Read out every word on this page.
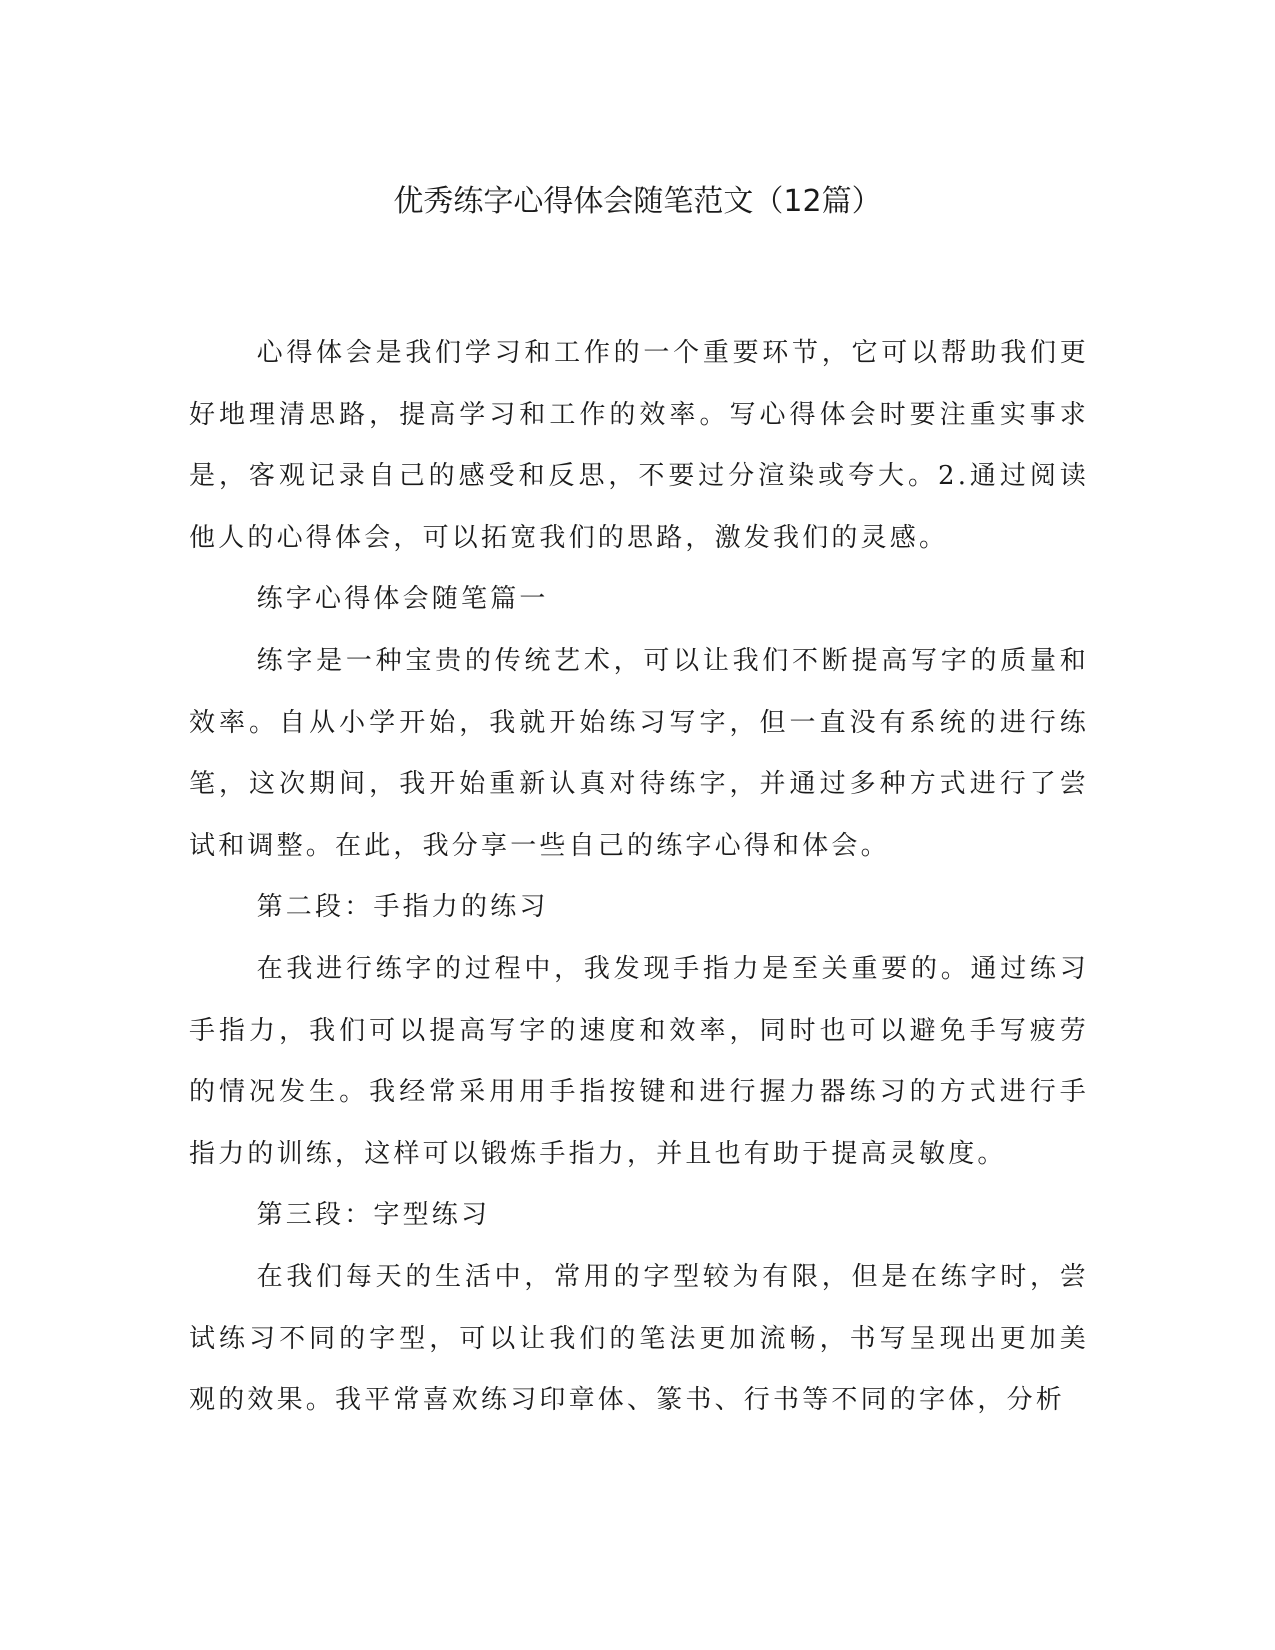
优秀练字心得体会随笔范文（12篇）

心得体会是我们学习和工作的一个重要环节，它可以帮助我们更好地理清思路，提高学习和工作的效率。写心得体会时要注重实事求是，客观记录自己的感受和反思，不要过分渲染或夸大。2.通过阅读他人的心得体会，可以拓宽我们的思路，激发我们的灵感。

练字心得体会随笔篇一

练字是一种宝贵的传统艺术，可以让我们不断提高写字的质量和效率。自从小学开始，我就开始练习写字，但一直没有系统的进行练笔，这次期间，我开始重新认真对待练字，并通过多种方式进行了尝试和调整。在此，我分享一些自己的练字心得和体会。

第二段：手指力的练习

在我进行练字的过程中，我发现手指力是至关重要的。通过练习手指力，我们可以提高写字的速度和效率，同时也可以避免手写疲劳的情况发生。我经常采用用手指按键和进行握力器练习的方式进行手指力的训练，这样可以锻炼手指力，并且也有助于提高灵敏度。

第三段：字型练习

在我们每天的生活中，常用的字型较为有限，但是在练字时，尝试练习不同的字型，可以让我们的笔法更加流畅，书写呈现出更加美观的效果。我平常喜欢练习印章体、篆书、行书等不同的字体，分析
